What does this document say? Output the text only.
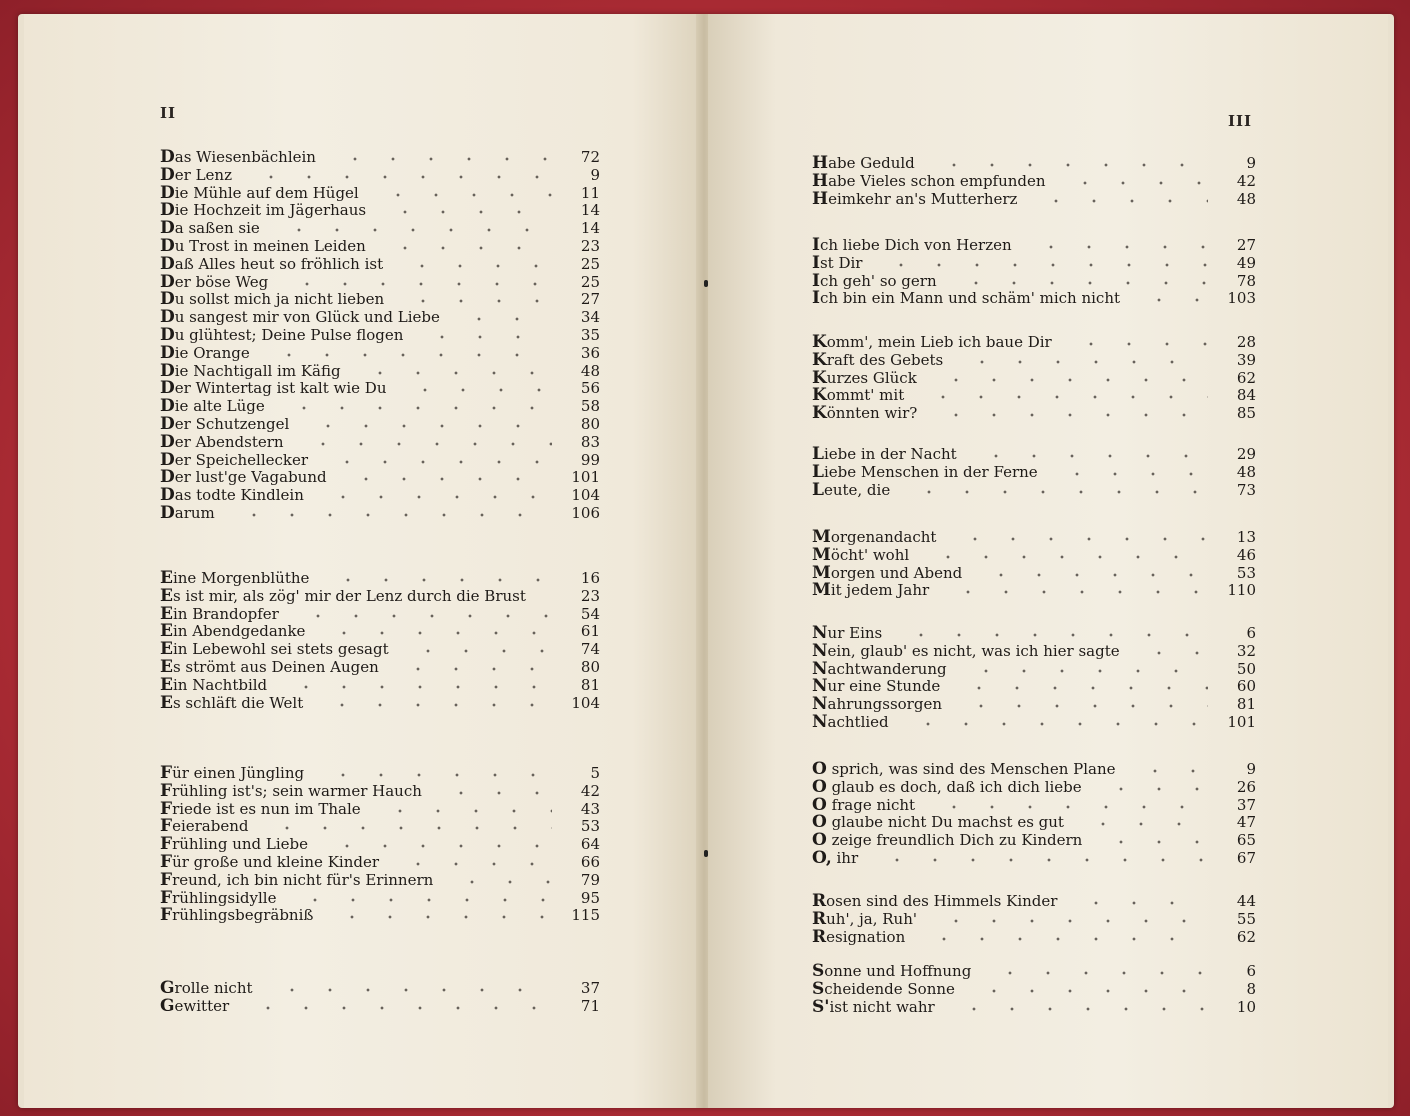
II
Das Wiesenbächlein	72
Der Lenz	9
Die Mühle auf dem Hügel	11
Die Hochzeit im Jägerhaus	14
Da saßen sie	14
Du Trost in meinen Leiden	23
Daß Alles heut so fröhlich ist	25
Der böse Weg	25
Du sollst mich ja nicht lieben	27
Du sangest mir von Glück und Liebe	34
Du glühtest; Deine Pulse flogen	35
Die Orange	36
Die Nachtigall im Käfig	48
Der Wintertag ist kalt wie Du	56
Die alte Lüge	58
Der Schutzengel	80
Der Abendstern	83
Der Speichellecker	99
Der lust'ge Vagabund	101
Das todte Kindlein	104
Darum	106
Eine Morgenblüthe	16
Es ist mir, als zög' mir der Lenz durch die Brust	23
Ein Brandopfer	54
Ein Abendgedanke	61
Ein Lebewohl sei stets gesagt	74
Es strömt aus Deinen Augen	80
Ein Nachtbild	81
Es schläft die Welt	104
Für einen Jüngling	5
Frühling ist's; sein warmer Hauch	42
Friede ist es nun im Thale	43
Feierabend	53
Frühling und Liebe	64
Für große und kleine Kinder	66
Freund, ich bin nicht für's Erinnern	79
Frühlingsidylle	95
Frühlingsbegräbniß	115
Grolle nicht	37
Gewitter	71
III
Habe Geduld	9
Habe Vieles schon empfunden	42
Heimkehr an's Mutterherz	48
Ich liebe Dich von Herzen	27
Ist Dir	49
Ich geh' so gern	78
Ich bin ein Mann und schäm' mich nicht	103
Komm', mein Lieb ich baue Dir	28
Kraft des Gebets	39
Kurzes Glück	62
Kommt' mit	84
Könnten wir?	85
Liebe in der Nacht	29
Liebe Menschen in der Ferne	48
Leute, die	73
Morgenandacht	13
Möcht' wohl	46
Morgen und Abend	53
Mit jedem Jahr	110
Nur Eins	6
Nein, glaub' es nicht, was ich hier sagte	32
Nachtwanderung	50
Nur eine Stunde	60
Nahrungssorgen	81
Nachtlied	101
O sprich, was sind des Menschen Plane	9
O glaub es doch, daß ich dich liebe	26
O frage nicht	37
O glaube nicht Du machst es gut	47
O zeige freundlich Dich zu Kindern	65
O, ihr	67
Rosen sind des Himmels Kinder	44
Ruh', ja, Ruh'	55
Resignation	62
Sonne und Hoffnung	6
Scheidende Sonne	8
S'ist nicht wahr	10
